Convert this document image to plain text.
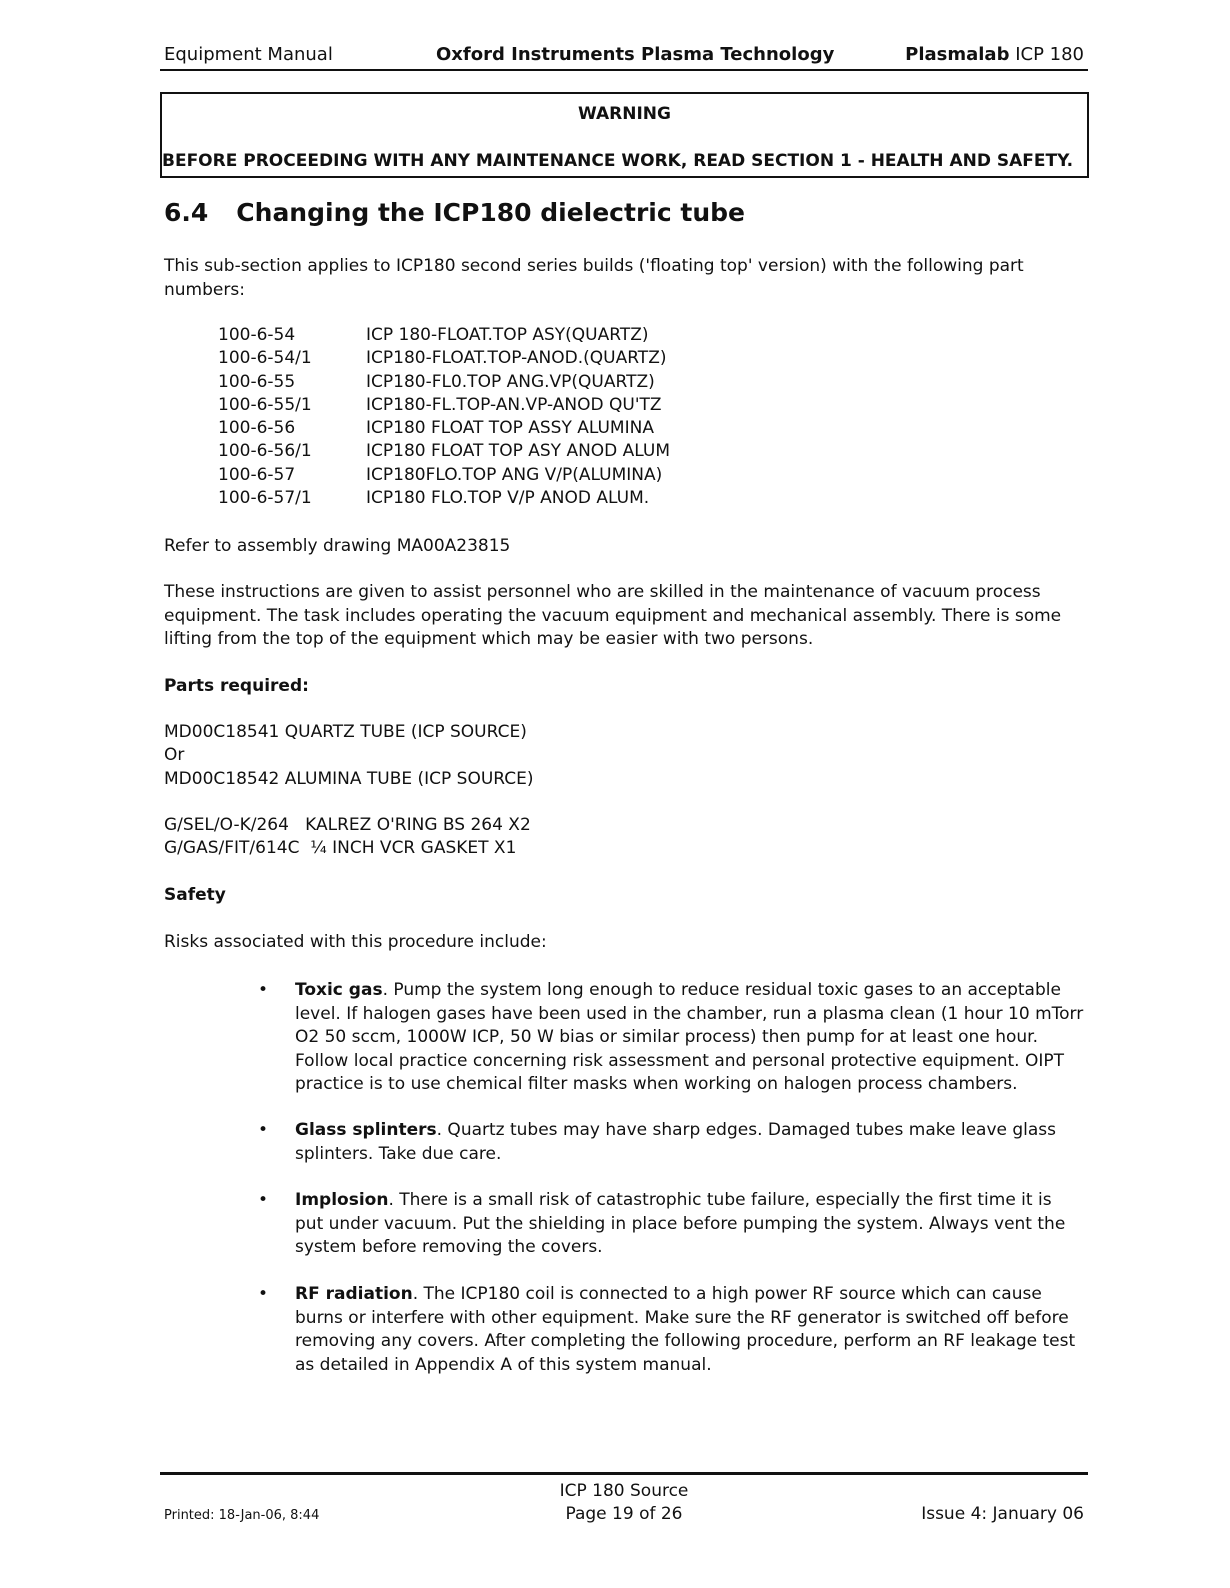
Equipment Manual	Oxford Instruments Plasma Technology	Plasmalab ICP 180
WARNING
BEFORE PROCEEDING WITH ANY MAINTENANCE WORK, READ SECTION 1 - HEALTH AND SAFETY.
6.4 Changing the ICP180 dielectric tube
This sub-section applies to ICP180 second series builds ('floating top' version) with the following part numbers:
100-6-54	ICP 180-FLOAT.TOP ASY(QUARTZ)
100-6-54/1	ICP180-FLOAT.TOP-ANOD.(QUARTZ)
100-6-55	ICP180-FL0.TOP ANG.VP(QUARTZ)
100-6-55/1	ICP180-FL.TOP-AN.VP-ANOD QU'TZ
100-6-56	ICP180 FLOAT TOP ASSY ALUMINA
100-6-56/1	ICP180 FLOAT TOP ASY ANOD ALUM
100-6-57	ICP180FLO.TOP ANG V/P(ALUMINA)
100-6-57/1	ICP180 FLO.TOP V/P ANOD ALUM.
Refer to assembly drawing MA00A23815
These instructions are given to assist personnel who are skilled in the maintenance of vacuum process equipment. The task includes operating the vacuum equipment and mechanical assembly. There is some lifting from the top of the equipment which may be easier with two persons.
Parts required:
MD00C18541 QUARTZ TUBE (ICP SOURCE)
Or
MD00C18542 ALUMINA TUBE (ICP SOURCE)
G/SEL/O-K/264 KALREZ O'RING BS 264 X2
G/GAS/FIT/614C ¼ INCH VCR GASKET X1
Safety
Risks associated with this procedure include:
• Toxic gas. Pump the system long enough to reduce residual toxic gases to an acceptable level. If halogen gases have been used in the chamber, run a plasma clean (1 hour 10 mTorr O2 50 sccm, 1000W ICP, 50 W bias or similar process) then pump for at least one hour. Follow local practice concerning risk assessment and personal protective equipment. OIPT practice is to use chemical filter masks when working on halogen process chambers.
• Glass splinters. Quartz tubes may have sharp edges. Damaged tubes make leave glass splinters. Take due care.
• Implosion. There is a small risk of catastrophic tube failure, especially the first time it is put under vacuum. Put the shielding in place before pumping the system. Always vent the system before removing the covers.
• RF radiation. The ICP180 coil is connected to a high power RF source which can cause burns or interfere with other equipment. Make sure the RF generator is switched off before removing any covers. After completing the following procedure, perform an RF leakage test as detailed in Appendix A of this system manual.
ICP 180 Source
Page 19 of 26
Printed: 18-Jan-06, 8:44	Issue 4: January 06
